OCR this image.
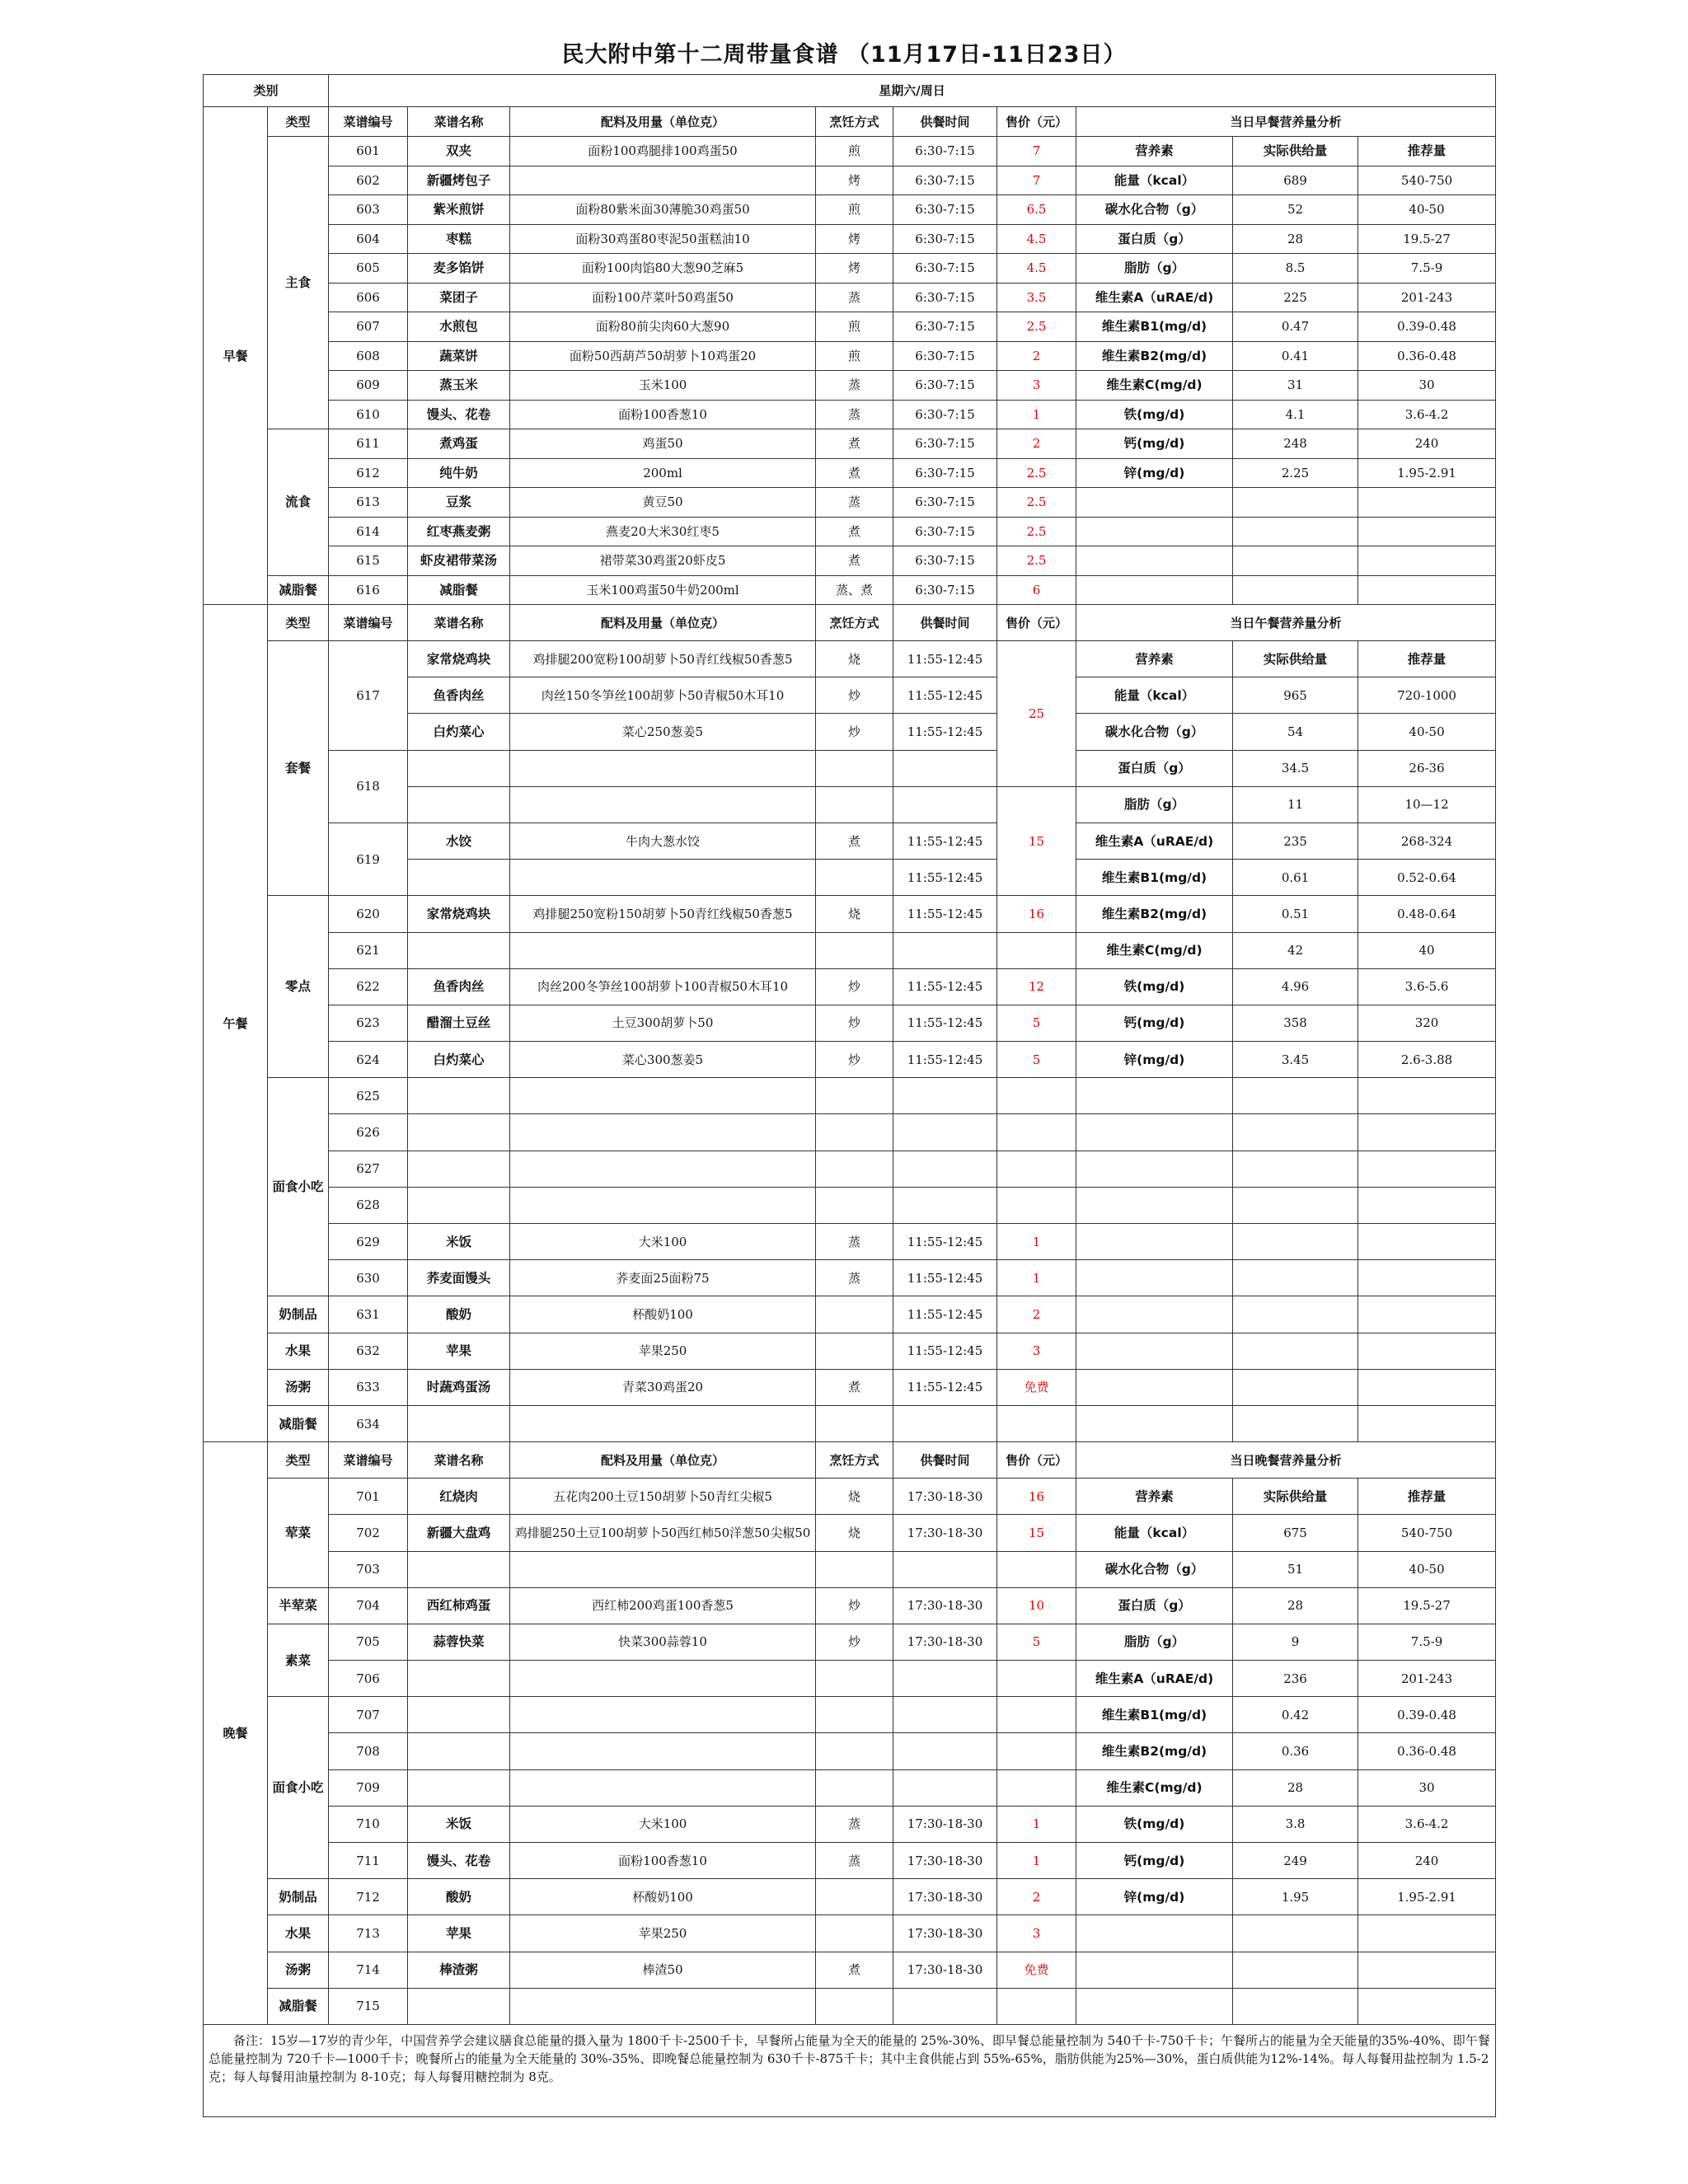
民大附中第十二周带量食谱 （11月17日-11日23日）
类别		星期六/周日								
早餐	类型	菜谱编号	菜谱名称	配料及用量（单位克）	烹饪方式	供餐时间	售价（元）	当日早餐营养量分析		
	主食	601	双夹	面粉100鸡腿排100鸡蛋50	煎	6:30-7:15	7	营养素	实际供给量	推荐量
		602	新疆烤包子		烤	6:30-7:15	7	能量（kcal）	689	540-750
		603	紫米煎饼	面粉80紫米面30薄脆30鸡蛋50	煎	6:30-7:15	6.5	碳水化合物（g）	52	40-50
		604	枣糕	面粉30鸡蛋80枣泥50蛋糕油10	烤	6:30-7:15	4.5	蛋白质（g）	28	19.5-27
		605	麦多馅饼	面粉100肉馅80大葱90芝麻5	烤	6:30-7:15	4.5	脂肪（g）	8.5	7.5-9
		606	菜团子	面粉100芹菜叶50鸡蛋50	蒸	6:30-7:15	3.5	维生素A（uRAE/d)	225	201-243
		607	水煎包	面粉80前尖肉60大葱90	煎	6:30-7:15	2.5	维生素B1(mg/d)	0.47	0.39-0.48
		608	蔬菜饼	面粉50西葫芦50胡萝卜10鸡蛋20	煎	6:30-7:15	2	维生素B2(mg/d)	0.41	0.36-0.48
		609	蒸玉米	玉米100	蒸	6:30-7:15	3	维生素C(mg/d)	31	30
		610	馒头、花卷	面粉100香葱10	蒸	6:30-7:15	1	铁(mg/d)	4.1	3.6-4.2
	流食	611	煮鸡蛋	鸡蛋50	煮	6:30-7:15	2	钙(mg/d)	248	240
		612	纯牛奶	200ml	煮	6:30-7:15	2.5	锌(mg/d)	2.25	1.95-2.91
		613	豆浆	黄豆50	蒸	6:30-7:15	2.5			
		614	红枣燕麦粥	燕麦20大米30红枣5	煮	6:30-7:15	2.5			
		615	虾皮裙带菜汤	裙带菜30鸡蛋20虾皮5	煮	6:30-7:15	2.5			
	减脂餐	616	减脂餐	玉米100鸡蛋50牛奶200ml	蒸、煮	6:30-7:15	6			
午餐	类型	菜谱编号	菜谱名称	配料及用量（单位克）	烹饪方式	供餐时间	售价（元）	当日午餐营养量分析		
	套餐	617	家常烧鸡块	鸡排腿200宽粉100胡萝卜50青红线椒50香葱5	烧	11:55-12:45	25	营养素	实际供给量	推荐量
			鱼香肉丝	肉丝150冬笋丝100胡萝卜50青椒50木耳10	炒	11:55-12:45		能量（kcal）	965	720-1000
			白灼菜心	菜心250葱姜5	炒	11:55-12:45		碳水化合物（g）	54	40-50
		618						蛋白质（g）	34.5	26-36
							15	脂肪（g）	11	10—12
		619	水饺	牛肉大葱水饺	煮	11:55-12:45		维生素A（uRAE/d)	235	268-324
						11:55-12:45		维生素B1(mg/d)	0.61	0.52-0.64
	零点	620	家常烧鸡块	鸡排腿250宽粉150胡萝卜50青红线椒50香葱5	烧	11:55-12:45	16	维生素B2(mg/d)	0.51	0.48-0.64
		621						维生素C(mg/d)	42	40
		622	鱼香肉丝	肉丝200冬笋丝100胡萝卜100青椒50木耳10	炒	11:55-12:45	12	铁(mg/d)	4.96	3.6-5.6
		623	醋溜土豆丝	土豆300胡萝卜50	炒	11:55-12:45	5	钙(mg/d)	358	320
		624	白灼菜心	菜心300葱姜5	炒	11:55-12:45	5	锌(mg/d)	3.45	2.6-3.88
	面食小吃	625								
		626								
		627								
		628								
		629	米饭	大米100	蒸	11:55-12:45	1			
		630	荞麦面馒头	荞麦面25面粉75	蒸	11:55-12:45	1			
	奶制品	631	酸奶	杯酸奶100		11:55-12:45	2			
	水果	632	苹果	苹果250		11:55-12:45	3			
	汤粥	633	时蔬鸡蛋汤	青菜30鸡蛋20	煮	11:55-12:45	免费			
	减脂餐	634								
晚餐	类型	菜谱编号	菜谱名称	配料及用量（单位克）	烹饪方式	供餐时间	售价（元）	当日晚餐营养量分析		
	荤菜	701	红烧肉	五花肉200土豆150胡萝卜50青红尖椒5	烧	17:30-18-30	16	营养素	实际供给量	推荐量
		702	新疆大盘鸡	鸡排腿250土豆100胡萝卜50西红柿50洋葱50尖椒50	烧	17:30-18-30	15	能量（kcal）	675	540-750
		703						碳水化合物（g）	51	40-50
	半荤菜	704	西红柿鸡蛋	西红柿200鸡蛋100香葱5	炒	17:30-18-30	10	蛋白质（g）	28	19.5-27
	素菜	705	蒜蓉快菜	快菜300蒜蓉10	炒	17:30-18-30	5	脂肪（g）	9	7.5-9
		706						维生素A（uRAE/d)	236	201-243
	面食小吃	707						维生素B1(mg/d)	0.42	0.39-0.48
		708						维生素B2(mg/d)	0.36	0.36-0.48
		709						维生素C(mg/d)	28	30
		710	米饭	大米100	蒸	17:30-18-30	1	铁(mg/d)	3.8	3.6-4.2
		711	馒头、花卷	面粉100香葱10	蒸	17:30-18-30	1	钙(mg/d)	249	240
	奶制品	712	酸奶	杯酸奶100		17:30-18-30	2	锌(mg/d)	1.95	1.95-2.91
	水果	713	苹果	苹果250		17:30-18-30	3			
	汤粥	714	棒渣粥	棒渣50	煮	17:30-18-30	免费			
	减脂餐	715								
　　备注：15岁—17岁的青少年，中国营养学会建议膳食总能量的摄入量为 1800千卡-2500千卡，早餐所占能量为全天的能量的 25%-30%、即早餐总能量控制为 540千卡-750千卡；午餐所占的能量为全天能量的35%-40%、即午餐总能量控制为 720千卡—1000千卡；晚餐所占的能量为全天能量的 30%-35%、即晚餐总能量控制为 630千卡-875千卡；其中主食供能占到 55%-65%，脂肪供能为25%—30%，蛋白质供能为12%-14%。每人每餐用盐控制为 1.5-2克；每人每餐用油量控制为 8-10克；每人每餐用糖控制为 8克。										
